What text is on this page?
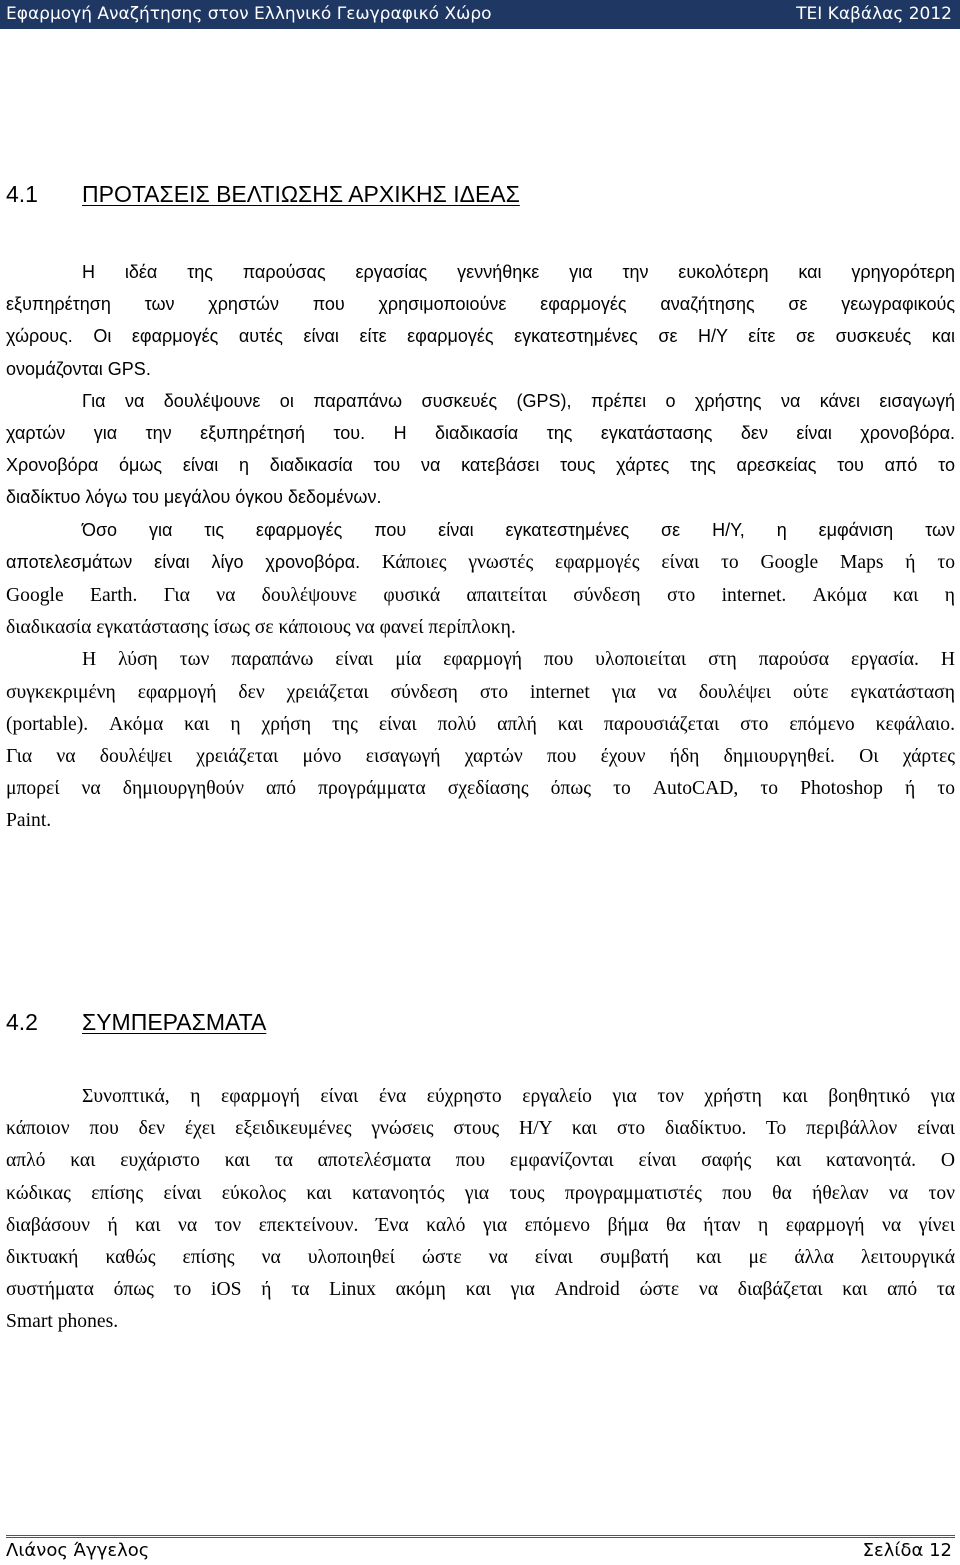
Εφαρμογή Αναζήτησης στον Ελληνικό Γεωγραφικό Χώρο	ΤΕΙ Καβάλας 2012
4.1 ΠΡΟΤΑΣΕΙΣ ΒΕΛΤΙΩΣΗΣ ΑΡΧΙΚΗΣ ΙΔΕΑΣ
Η ιδέα της παρούσας εργασίας γεννήθηκε για την ευκολότερη και γρηγορότερη
εξυπηρέτηση των χρηστών που χρησιμοποιούνε εφαρμογές αναζήτησης σε γεωγραφικούς
χώρους. Οι εφαρμογές αυτές είναι είτε εφαρμογές εγκατεστημένες σε Η/Υ είτε σε συσκευές και
ονομάζονται GPS.
Για να δουλέψουνε οι παραπάνω συσκευές (GPS), πρέπει ο χρήστης να κάνει εισαγωγή
χαρτών για την εξυπηρέτησή του. Η διαδικασία της εγκατάστασης δεν είναι χρονοβόρα.
Χρονοβόρα όμως είναι η διαδικασία του να κατεβάσει τους χάρτες της αρεσκείας του από το
διαδίκτυο λόγω του μεγάλου όγκου δεδομένων.
Όσο για τις εφαρμογές που είναι εγκατεστημένες σε Η/Υ, η εμφάνιση των
αποτελεσμάτων είναι λίγο χρονοβόρα. Κάποιες γνωστές εφαρμογές είναι το Google Maps ή το
Google Earth. Για να δουλέψουνε φυσικά απαιτείται σύνδεση στο internet. Ακόμα και η
διαδικασία εγκατάστασης ίσως σε κάποιους να φανεί περίπλοκη.
Η λύση των παραπάνω είναι μία εφαρμογή που υλοποιείται στη παρούσα εργασία. Η
συγκεκριμένη εφαρμογή δεν χρειάζεται σύνδεση στο internet για να δουλέψει ούτε εγκατάσταση
(portable). Ακόμα και η χρήση της είναι πολύ απλή και παρουσιάζεται στο επόμενο κεφάλαιο.
Για να δουλέψει χρειάζεται μόνο εισαγωγή χαρτών που έχουν ήδη δημιουργηθεί. Οι χάρτες
μπορεί να δημιουργηθούν από προγράμματα σχεδίασης όπως το AutoCAD, το Photoshop ή το
Paint.
4.2 ΣΥΜΠΕΡΑΣΜΑΤΑ
Συνοπτικά, η εφαρμογή είναι ένα εύχρηστο εργαλείο για τον χρήστη και βοηθητικό για
κάποιον που δεν έχει εξειδικευμένες γνώσεις στους Η/Υ και στο διαδίκτυο. Το περιβάλλον είναι
απλό και ευχάριστο και τα αποτελέσματα που εμφανίζονται είναι σαφής και κατανοητά. Ο
κώδικας επίσης είναι εύκολος και κατανοητός για τους προγραμματιστές που θα ήθελαν να τον
διαβάσουν ή και να τον επεκτείνουν. Ένα καλό για επόμενο βήμα θα ήταν η εφαρμογή να γίνει
δικτυακή καθώς επίσης να υλοποιηθεί ώστε να είναι συμβατή και με άλλα λειτουργικά
συστήματα όπως το iOS ή τα Linux ακόμη και για Android ώστε να διαβάζεται και από τα
Smart phones.
Λιάνος Άγγελος	Σελίδα 12
